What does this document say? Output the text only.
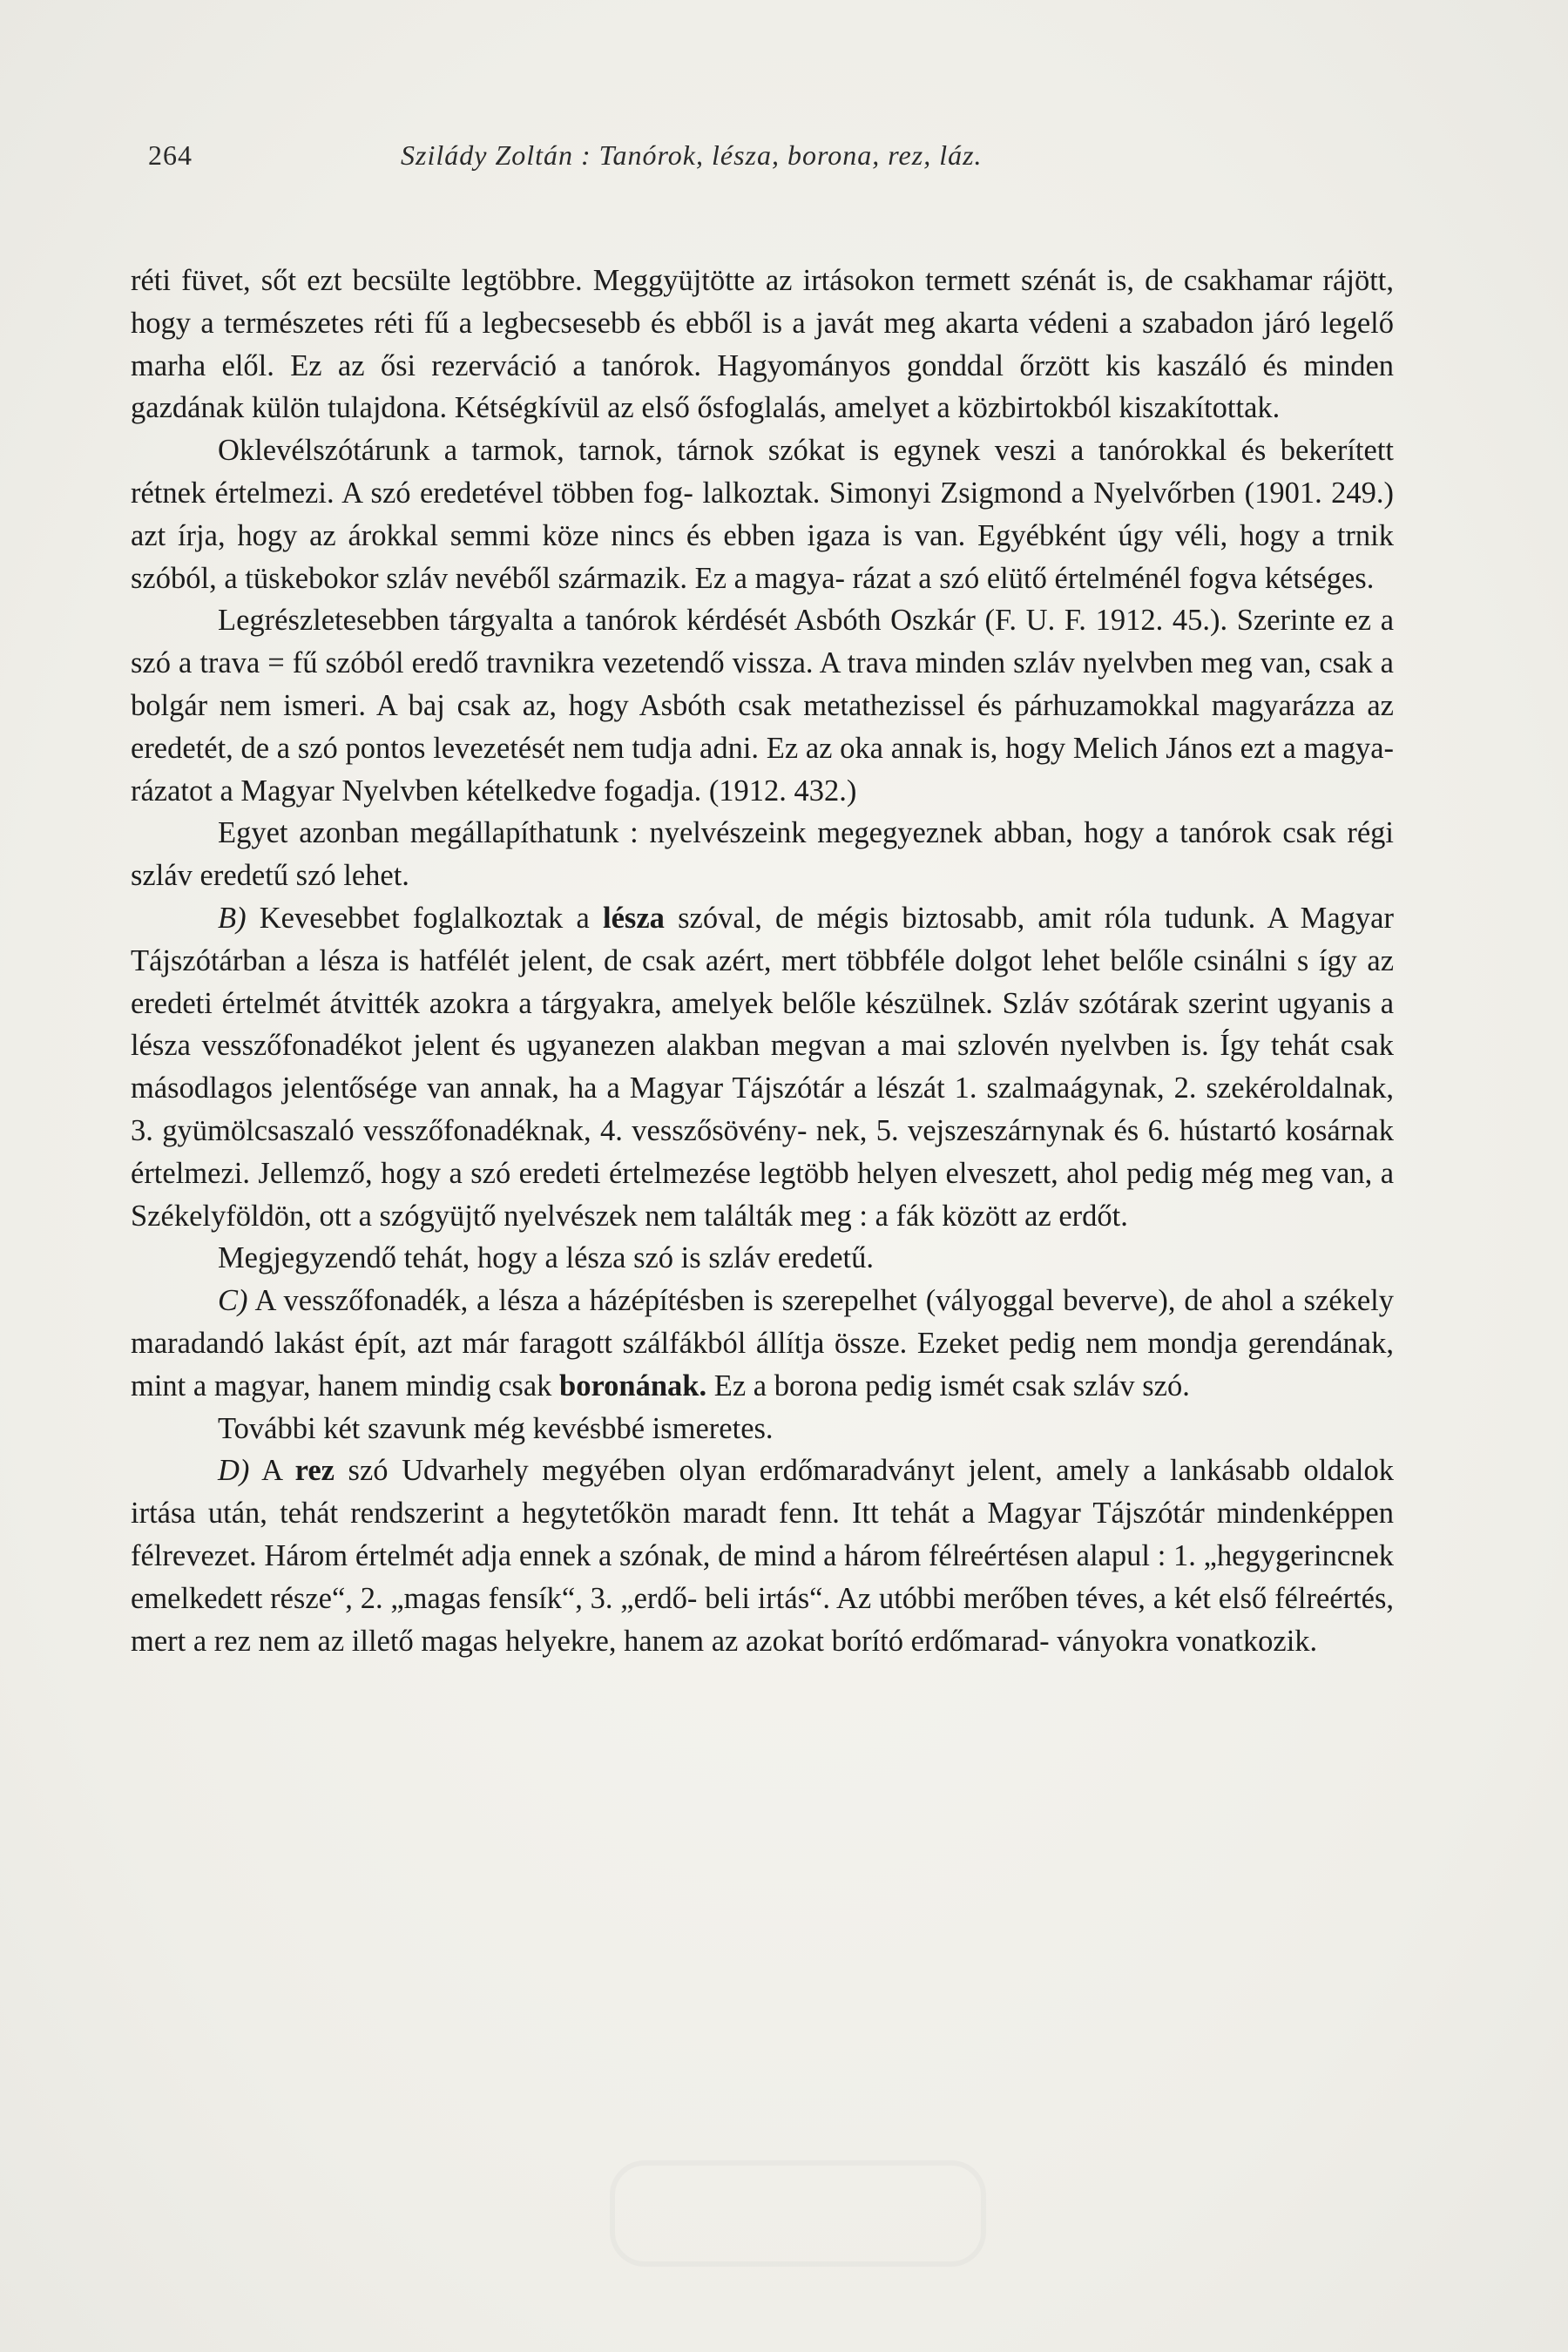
264	Sziládу Zoltán : Tanórok, lésza, borona, rez, láz.

réti füvet, sőt ezt becsülte legtöbbre. Meggyüjtötte az irtásokon termett szénát is, de csakhamar rájött, hogy a természetes réti fű a legbecsesebb és ebből is a javát meg akarta védeni a szabadon járó legelő marha elől. Ez az ősi rezerváció a tanórok. Hagyományos gonddal őrzött kis kaszáló és minden gazdának külön tulajdona. Kétségkívül az első ősfoglalás, amelyet a közbirtokból kiszakítottak.

Oklevélszótárunk a tarmok, tarnok, tárnok szókat is egynek veszi a tanórokkal és bekerített rétnek értelmezi. A szó eredetével többen fog- lalkoztak. Simonyi Zsigmond a Nyelvőrben (1901. 249.) azt írja, hogy az árokkal semmi köze nincs és ebben igaza is van. Egyébként úgy véli, hogy a trnik szóból, a tüskebokor szláv nevéből származik. Ez a magya- rázat a szó elütő értelménél fogva kétséges.

Legrészletesebben tárgyalta a tanórok kérdését Asbóth Oszkár (F. U. F. 1912. 45.). Szerinte ez a szó a trava = fű szóból eredő travnikra vezetendő vissza. A trava minden szláv nyelvben meg van, csak a bolgár nem ismeri. A baj csak az, hogy Asbóth csak metathezissel és párhuzamokkal magyarázza az eredetét, de a szó pontos levezetését nem tudja adni. Ez az oka annak is, hogy Melich János ezt a magya- rázatot a Magyar Nyelvben kételkedve fogadja. (1912. 432.)

Egyet azonban megállapíthatunk : nyelvészeink megegyeznek abban, hogy a tanórok csak régi szláv eredetű szó lehet.

B) Kevesebbet foglalkoztak a lésza szóval, de mégis biztosabb, amit róla tudunk. A Magyar Tájszótárban a lésza is hatfélét jelent, de csak azért, mert többféle dolgot lehet belőle csinálni s így az eredeti értelmét átvitték azokra a tárgyakra, amelyek belőle készülnek. Szláv szótárak szerint ugyanis a lésza vesszőfonadékot jelent és ugyanezen alakban megvan a mai szlovén nyelvben is. Így tehát csak másodlagos jelentősége van annak, ha a Magyar Tájszótár a lészát 1. szalmaágynak, 2. szekéroldalnak, 3. gyümölcsaszaló vesszőfonadéknak, 4. vesszősövény- nek, 5. vejszeszárnynak és 6. hústartó kosárnak értelmezi. Jellemző, hogy a szó eredeti értelmezése legtöbb helyen elveszett, ahol pedig még meg van, a Székelyföldön, ott a szógyüjtő nyelvészek nem találták meg : a fák között az erdőt.

Megjegyzendő tehát, hogy a lésza szó is szláv eredetű.

C) A vesszőfonadék, a lésza a házépítésben is szerepelhet (vályoggal beverve), de ahol a székely maradandó lakást épít, azt már faragott szálfákból állítja össze. Ezeket pedig nem mondja gerendának, mint a magyar, hanem mindig csak boronának. Ez a borona pedig ismét csak szláv szó.

További két szavunk még kevésbbé ismeretes.

D) A rez szó Udvarhely megyében olyan erdőmaradványt jelent, amely a lankásabb oldalok irtása után, tehát rendszerint a hegytetőkön maradt fenn. Itt tehát a Magyar Tájszótár mindenképpen félrevezet. Három értelmét adja ennek a szónak, de mind a három félreértésen alapul : 1. „hegygerincnek emelkedett része“, 2. „magas fensík“, 3. „erdő- beli irtás“. Az utóbbi merőben téves, a két első félreértés, mert a rez nem az illető magas helyekre, hanem az azokat borító erdőmarad- ványokra vonatkozik.
